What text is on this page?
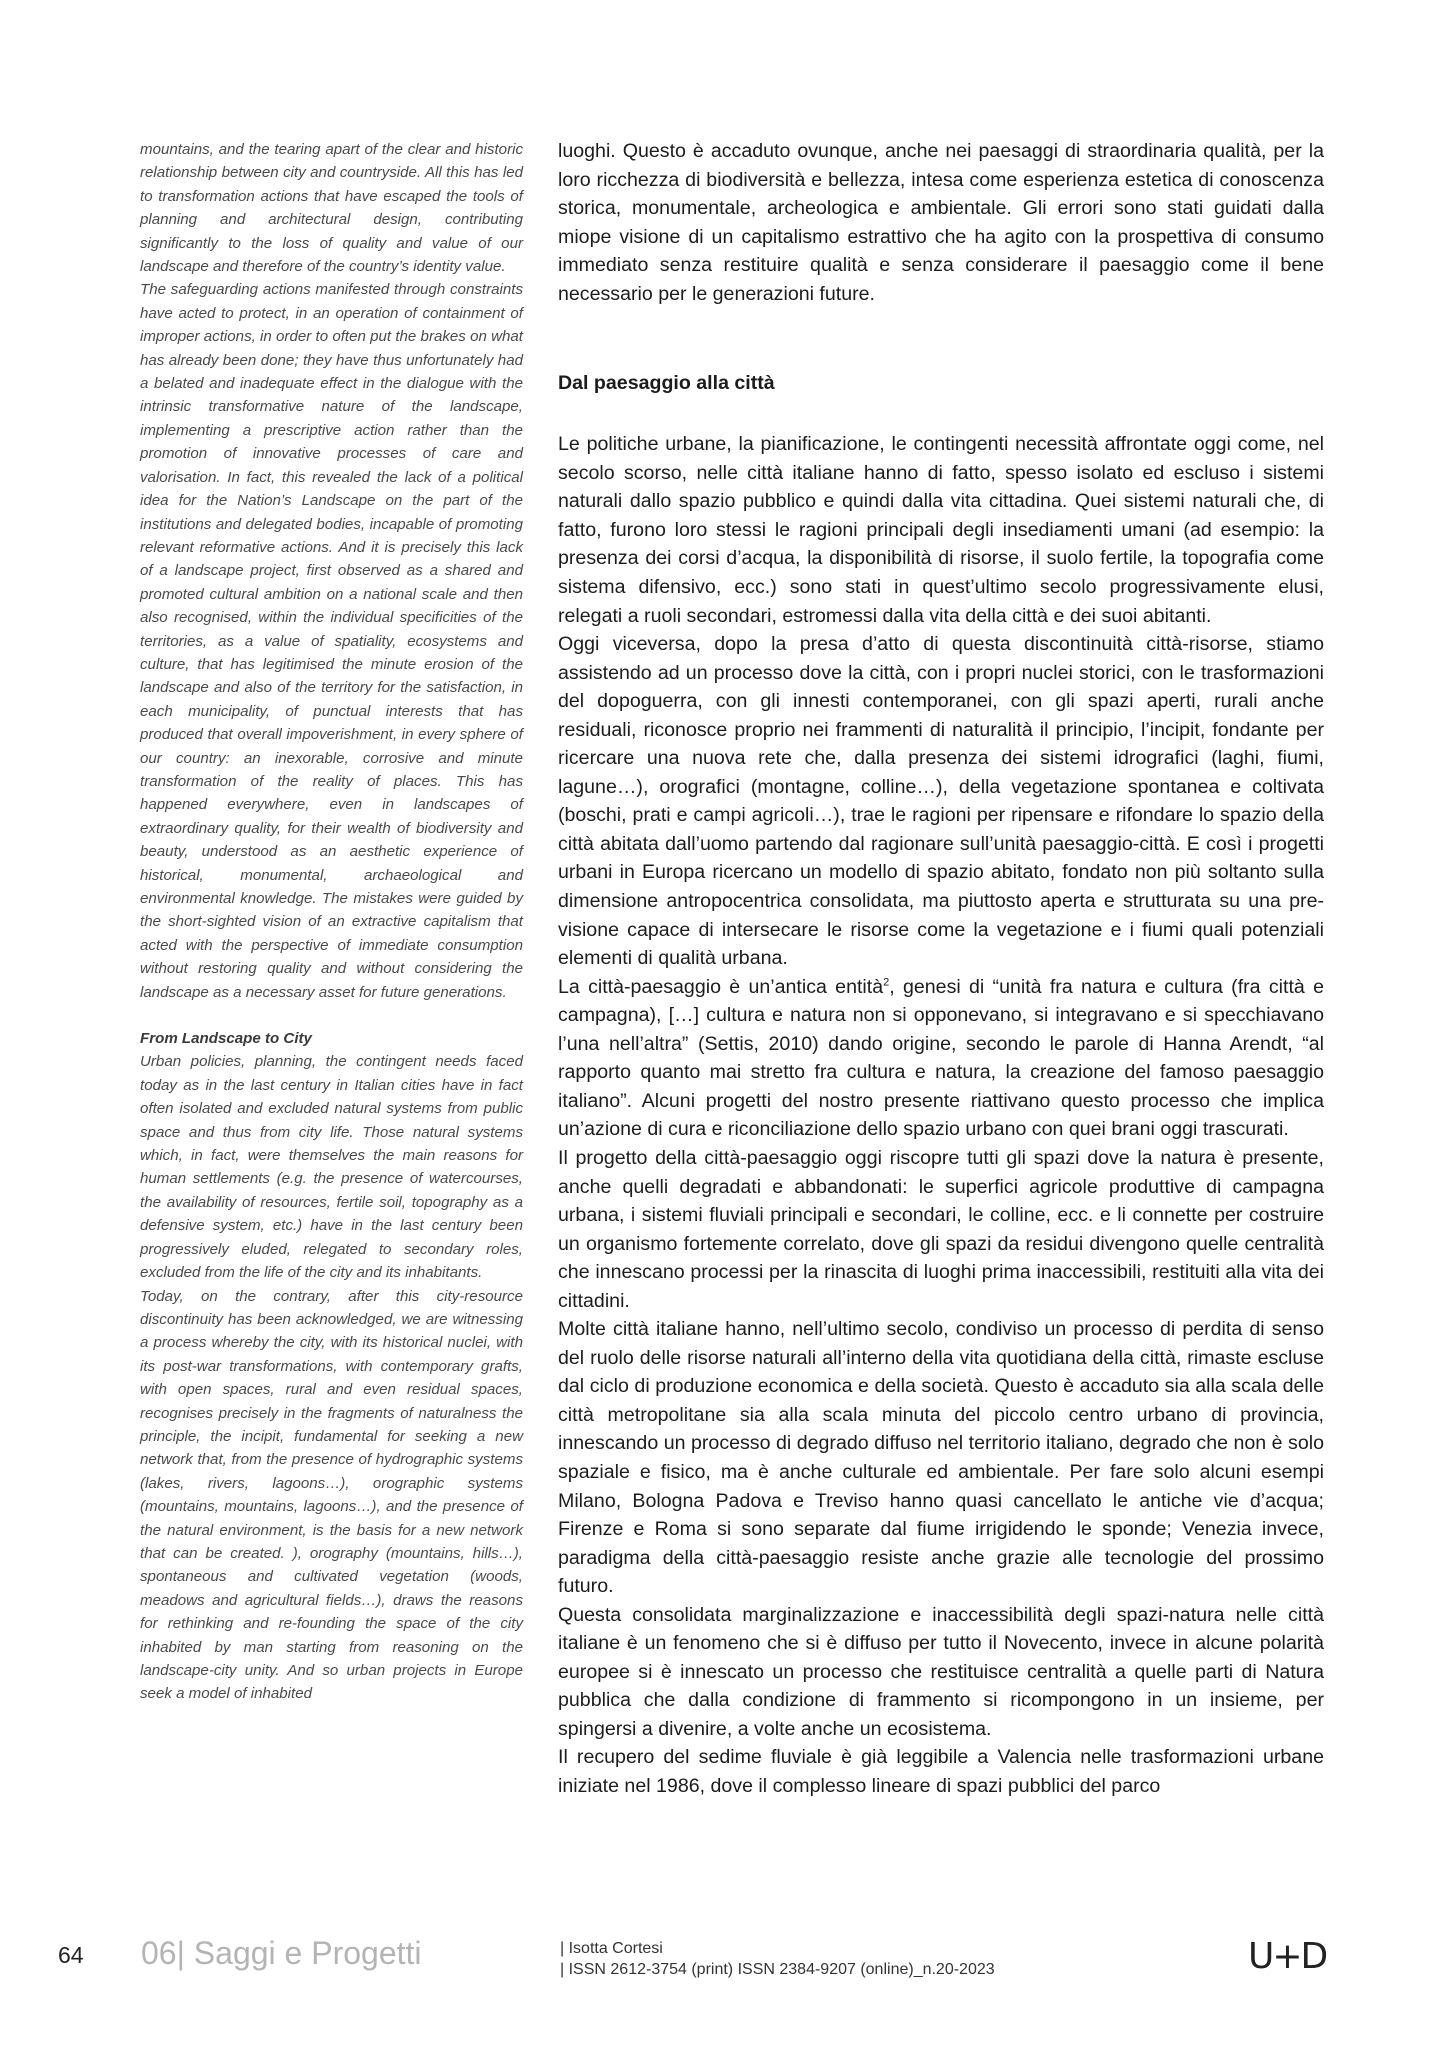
mountains, and the tearing apart of the clear and historic relationship between city and countryside. All this has led to transformation actions that have escaped the tools of planning and architectural design, contributing significantly to the loss of quality and value of our landscape and therefore of the country’s identity value.

The safeguarding actions manifested through constraints have acted to protect, in an operation of containment of improper actions, in order to often put the brakes on what has already been done; they have thus unfortunately had a belated and inadequate effect in the dialogue with the intrinsic transformative nature of the landscape, implementing a prescriptive action rather than the promotion of innovative processes of care and valorisation. In fact, this revealed the lack of a political idea for the Nation’s Landscape on the part of the institutions and delegated bodies, incapable of promoting relevant reformative actions. And it is precisely this lack of a landscape project, first observed as a shared and promoted cultural ambition on a national scale and then also recognised, within the individual specificities of the territories, as a value of spatiality, ecosystems and culture, that has legitimised the minute erosion of the landscape and also of the territory for the satisfaction, in each municipality, of punctual interests that has produced that overall impoverishment, in every sphere of our country: an inexorable, corrosive and minute transformation of the reality of places. This has happened everywhere, even in landscapes of extraordinary quality, for their wealth of biodiversity and beauty, understood as an aesthetic experience of historical, monumental, archaeological and environmental knowledge. The mistakes were guided by the short-sighted vision of an extractive capitalism that acted with the perspective of immediate consumption without restoring quality and without considering the landscape as a necessary asset for future generations.

From Landscape to City

Urban policies, planning, the contingent needs faced today as in the last century in Italian cities have in fact often isolated and excluded natural systems from public space and thus from city life. Those natural systems which, in fact, were themselves the main reasons for human settlements (e.g. the presence of watercourses, the availability of resources, fertile soil, topography as a defensive system, etc.) have in the last century been progressively eluded, relegated to secondary roles, excluded from the life of the city and its inhabitants.

Today, on the contrary, after this city-resource discontinuity has been acknowledged, we are witnessing a process whereby the city, with its historical nuclei, with its post-war transformations, with contemporary grafts, with open spaces, rural and even residual spaces, recognises precisely in the fragments of naturalness the principle, the incipit, fundamental for seeking a new network that, from the presence of hydrographic systems (lakes, rivers, lagoons…), orographic systems (mountains, mountains, lagoons…), and the presence of the natural environment, is the basis for a new network that can be created. ), orography (mountains, hills…), spontaneous and cultivated vegetation (woods, meadows and agricultural fields…), draws the reasons for rethinking and re-founding the space of the city inhabited by man starting from reasoning on the landscape-city unity. And so urban projects in Europe seek a model of inhabited

luoghi. Questo è accaduto ovunque, anche nei paesaggi di straordinaria qualità, per la loro ricchezza di biodiversità e bellezza, intesa come esperienza estetica di conoscenza storica, monumentale, archeologica e ambientale. Gli errori sono stati guidati dalla miope visione di un capitalismo estrattivo che ha agito con la prospettiva di consumo immediato senza restituire qualità e senza considerare il paesaggio come il bene necessario per le generazioni future.

Dal paesaggio alla città

Le politiche urbane, la pianificazione, le contingenti necessità affrontate oggi come, nel secolo scorso, nelle città italiane hanno di fatto, spesso isolato ed escluso i sistemi naturali dallo spazio pubblico e quindi dalla vita cittadina. Quei sistemi naturali che, di fatto, furono loro stessi le ragioni principali degli insediamenti umani (ad esempio: la presenza dei corsi d’acqua, la disponibilità di risorse, il suolo fertile, la topografia come sistema difensivo, ecc.) sono stati in quest’ultimo secolo progressivamente elusi, relegati a ruoli secondari, estromessi dalla vita della città e dei suoi abitanti.

Oggi viceversa, dopo la presa d’atto di questa discontinuità città-risorse, stiamo assistendo ad un processo dove la città, con i propri nuclei storici, con le trasformazioni del dopoguerra, con gli innesti contemporanei, con gli spazi aperti, rurali anche residuali, riconosce proprio nei frammenti di naturalità il principio, l’incipit, fondante per ricercare una nuova rete che, dalla presenza dei sistemi idrografici (laghi, fiumi, lagune…), orografici (montagne, colline…), della vegetazione spontanea e coltivata (boschi, prati e campi agricoli…), trae le ragioni per ripensare e rifondare lo spazio della città abitata dall’uomo partendo dal ragionare sull’unità paesaggio-città. E così i progetti urbani in Europa ricercano un modello di spazio abitato, fondato non più soltanto sulla dimensione antropocentrica consolidata, ma piuttosto aperta e strutturata su una pre-visione capace di intersecare le risorse come la vegetazione e i fiumi quali potenziali elementi di qualità urbana.

La città-paesaggio è un’antica entità$^2$, genesi di “unità fra natura e cultura (fra città e campagna), […] cultura e natura non si opponevano, si integravano e si specchiavano l’una nell’altra” (Settis, 2010) dando origine, secondo le parole di Hanna Arendt, “al rapporto quanto mai stretto fra cultura e natura, la creazione del famoso paesaggio italiano”. Alcuni progetti del nostro presente riattivano questo processo che implica un’azione di cura e riconciliazione dello spazio urbano con quei brani oggi trascurati.

Il progetto della città-paesaggio oggi riscopre tutti gli spazi dove la natura è presente, anche quelli degradati e abbandonati: le superfici agricole produttive di campagna urbana, i sistemi fluviali principali e secondari, le colline, ecc. e li connette per costruire un organismo fortemente correlato, dove gli spazi da residui divengono quelle centralità che innescano processi per la rinascita di luoghi prima inaccessibili, restituiti alla vita dei cittadini.

Molte città italiane hanno, nell’ultimo secolo, condiviso un processo di perdita di senso del ruolo delle risorse naturali all’interno della vita quotidiana della città, rimaste escluse dal ciclo di produzione economica e della società. Questo è accaduto sia alla scala delle città metropolitane sia alla scala minuta del piccolo centro urbano di provincia, innescando un processo di degrado diffuso nel territorio italiano, degrado che non è solo spaziale e fisico, ma è anche culturale ed ambientale. Per fare solo alcuni esempi Milano, Bologna Padova e Treviso hanno quasi cancellato le antiche vie d’acqua; Firenze e Roma si sono separate dal fiume irrigidendo le sponde; Venezia invece, paradigma della città-paesaggio resiste anche grazie alle tecnologie del prossimo futuro.

Questa consolidata marginalizzazione e inaccessibilità degli spazi-natura nelle città italiane è un fenomeno che si è diffuso per tutto il Novecento, invece in alcune polarità europee si è innescato un processo che restituisce centralità a quelle parti di Natura pubblica che dalla condizione di frammento si ricompongono in un insieme, per spingersi a divenire, a volte anche un ecosistema.

Il recupero del sedime fluviale è già leggibile a Valencia nelle trasformazioni urbane iniziate nel 1986, dove il complesso lineare di spazi pubblici del parco

64 06| Saggi e Progetti	| Isotta Cortesi
| ISSN 2612-3754 (print) ISSN 2384-9207 (online)_n.20-2023	U+D
